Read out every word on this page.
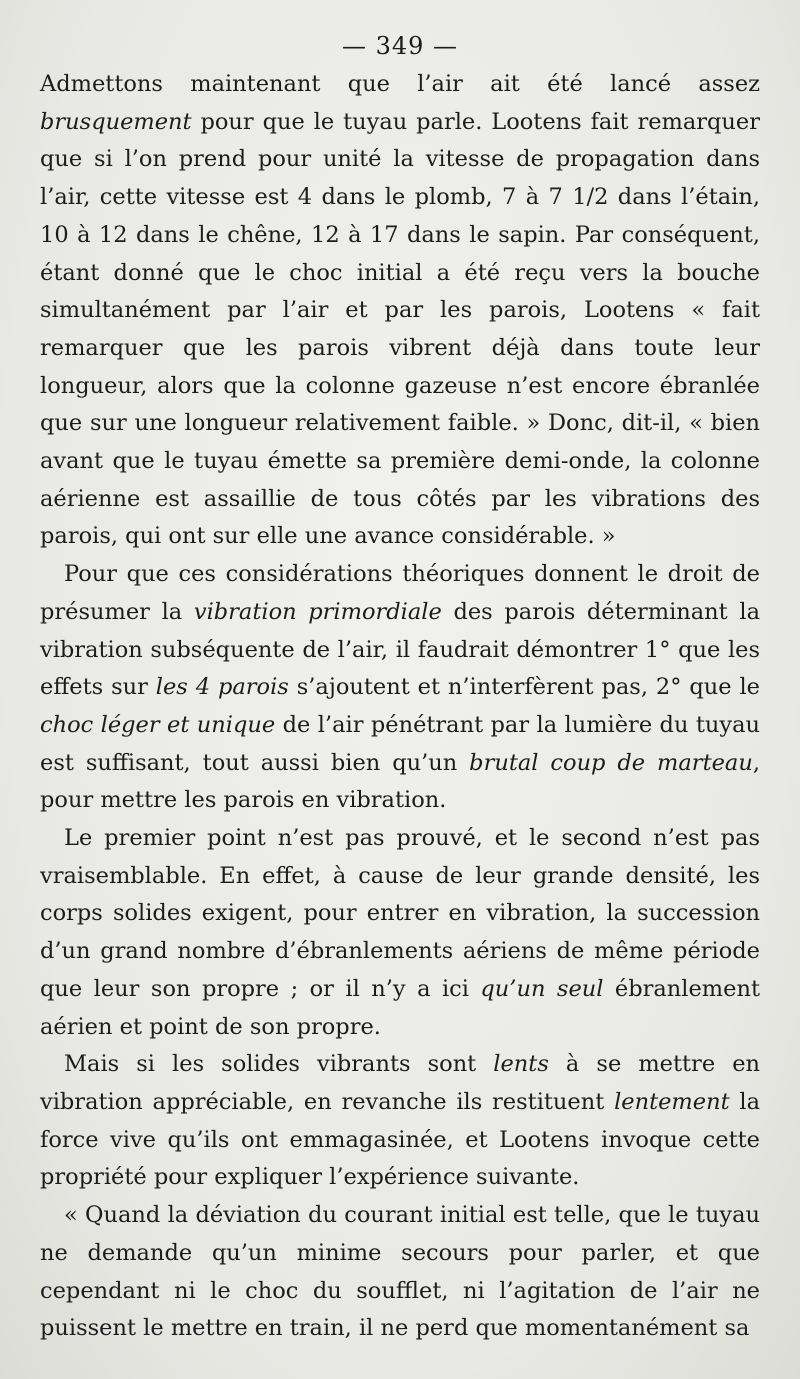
— 349 —

Admettons maintenant que l’air ait été lancé assez brusquement pour que le tuyau parle. Lootens fait remarquer que si l’on prend pour unité la vitesse de propagation dans l’air, cette vitesse est 4 dans le plomb, 7 à 7 1/2 dans l’étain, 10 à 12 dans le chêne, 12 à 17 dans le sapin. Par conséquent, étant donné que le choc initial a été reçu vers la bouche simultanément par l’air et par les parois, Lootens « fait remarquer que les parois vibrent déjà dans toute leur longueur, alors que la colonne gazeuse n’est encore ébranlée que sur une longueur relativement faible. » Donc, dit-il, « bien avant que le tuyau émette sa première demi-onde, la colonne aérienne est assaillie de tous côtés par les vibrations des parois, qui ont sur elle une avance considérable. »

Pour que ces considérations théoriques donnent le droit de présumer la vibration primordiale des parois déterminant la vibration subséquente de l’air, il faudrait démontrer 1° que les effets sur les 4 parois s’ajoutent et n’interfèrent pas, 2° que le choc léger et unique de l’air pénétrant par la lumière du tuyau est suffisant, tout aussi bien qu’un brutal coup de marteau, pour mettre les parois en vibration.

Le premier point n’est pas prouvé, et le second n’est pas vraisemblable. En effet, à cause de leur grande densité, les corps solides exigent, pour entrer en vibration, la succession d’un grand nombre d’ébranlements aériens de même période que leur son propre ; or il n’y a ici qu’un seul ébranlement aérien et point de son propre.

Mais si les solides vibrants sont lents à se mettre en vibration appréciable, en revanche ils restituent lentement la force vive qu’ils ont emmagasinée, et Lootens invoque cette propriété pour expliquer l’expérience suivante.

« Quand la déviation du courant initial est telle, que le tuyau ne demande qu’un minime secours pour parler, et que cependant ni le choc du soufflet, ni l’agitation de l’air ne puissent le mettre en train, il ne perd que momentanément sa
